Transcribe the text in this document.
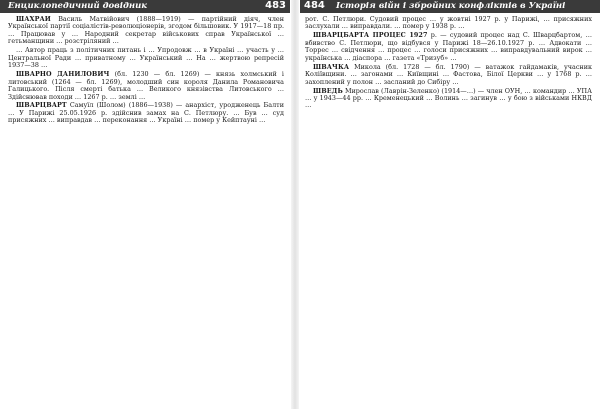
Енциклопедичний довідник	483

ШАХРАЙ Василь Матвійович (1888—1919) — партійний діяч, член Української партії соціалістів-революціонерів, згодом більшовик. У 1917—18 пр. … Працював у … Народний секретар військових справ Української … гетьманщини … розстріляний …

… Автор праць з політичних питань і … Упродовж … в Україні … участь у … Центральної Ради … приватному … Український … На … жертвою репресій 1937—38 …

ШВАРНО ДАНИЛОВИЧ (бл. 1230 — бл. 1269) — князь холмський і литовський (1264 — бл. 1269), молодший син короля Данила Романовича Галицького. Після смерті батька … Великого князівства Литовського … Здійснював походи … 1267 р. … землі …

ШВАРЦВАРТ Самуїл (Шолом) (1886—1938) — анархіст, уродженець Балти … У Парижі 25.05.1926 р. здійснив замах на С. Петлюру. … Був … суд присяжних … виправдав … переконання … Україні … помер у Кейптауні …

484 Історія війн і збройних конфліктів в Україні

рот. С. Петлюри. Судовий процес … у жовтні 1927 р. у Парижі, … присяжних заслухали … виправдали. … помер у 1938 р. …

ШВАРЦБАРТА ПРОЦЕС 1927 р. — судовий процес над С. Шварцбартом, … вбивство С. Петлюри, що відбувся у Парижі 18—26.10.1927 р. … Адвокати … Торрес … свідчення … процес … голоси присяжних … виправдувальний вирок … українська … діаспора … газета «Тризуб» …

ШВАЧКА Микола (бл. 1728 — бл. 1790) — ватажок гайдамаків, учасник Коліївщини. … загонами … Київщині … Фастова, Білої Церкви … у 1768 р. … захоплений у полон … засланий до Сибіру …

ШВЕДЬ Мирослав (Лаврін-Зеленко) (1914—…) — член ОУН, … командир … УПА … у 1943—44 рр. … Кременецький … Волинь … загинув … у бою з військами НКВД …
